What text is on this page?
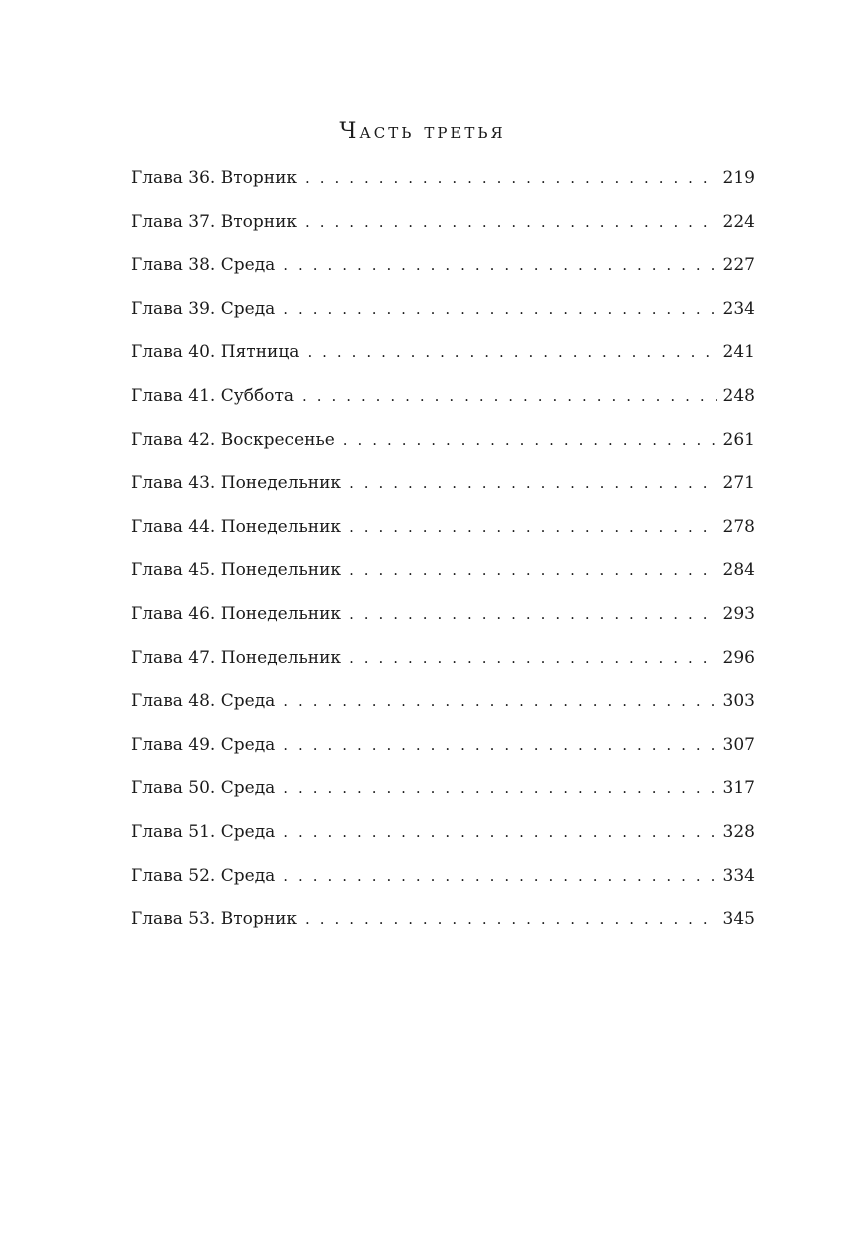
Часть третья
Глава 36. Вторник . . .	219
Глава 37. Вторник . . .	224
Глава 38. Среда . . .	227
Глава 39. Среда . . .	234
Глава 40. Пятница . . .	241
Глава 41. Суббота . . .	248
Глава 42. Воскресенье . . .	261
Глава 43. Понедельник . . .	271
Глава 44. Понедельник . . .	278
Глава 45. Понедельник . . .	284
Глава 46. Понедельник . . .	293
Глава 47. Понедельник . . .	296
Глава 48. Среда . . .	303
Глава 49. Среда . . .	307
Глава 50. Среда . . .	317
Глава 51. Среда . . .	328
Глава 52. Среда . . .	334
Глава 53. Вторник . . .	345
